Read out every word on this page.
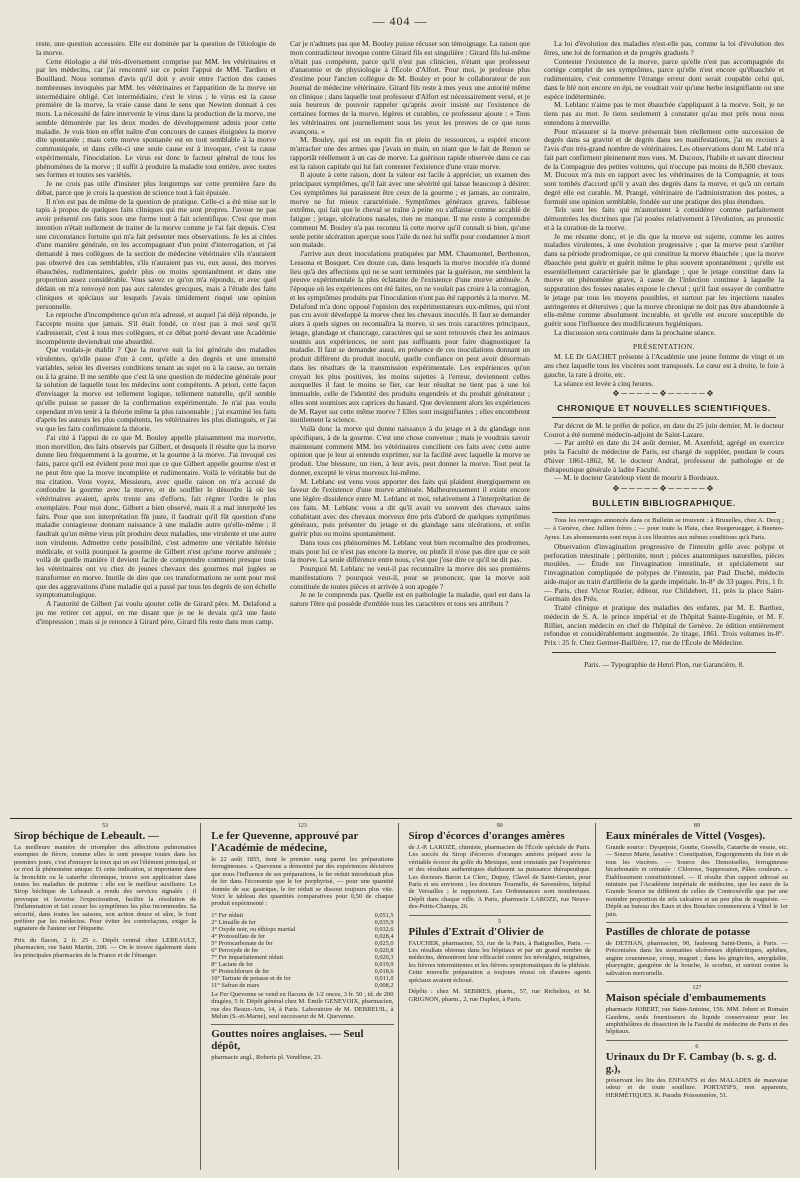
— 404 —

reste, une question accessoire. Elle est dominée par la question de l'étiologie de la morve.

Cette étiologie a été très-diversement comprise par MM. les vétérinaires et par les médecins, car j'ai rencontré sur ce point l'appui de MM. Tardieu et Bouillaud. Nous sommes d'avis qu'il doit y avoir entre l'action des causes nombreuses invoquées par MM. les vétérinaires et l'apparition de la morve un intermédiaire obligé. Cet intermédiaire, c'est le virus ; le virus est la cause première de la morve, la vraie cause dans le sens que Newton donnait à ces mots. La nécessité de faire intervenir le virus dans la production de la morve, me semble démontrée par les deux modes de développement admis pour cette maladie. Je vois bien en effet naître d'un concours de causes éloignées la morve dite spontanée ; mais cette morve spontanée est en tout semblable à la morve communiquée, et dans celle-ci une seule cause est à invoquer, c'est la cause expérimentale, l'inoculation. Le virus est donc le facteur général de tous les phénomènes de la morve ; il suffit à produire la maladie tout entière, avec toutes ses formes et toutes ses variétés.

Je ne crois pas utile d'insister plus longtemps sur cette première face du débat, parce que je crois la question de science tout à fait épuisée.

Il n'en est pas de même de la question de pratique. Celle-ci a été mise sur le tapis à propos de quelques faits cliniques qui me sont propres. J'avoue ne pas avoir présenté ces faits sous une forme tout à fait scientifique. C'est que mon intention n'était nullement de traiter de la morve comme je l'ai fait depuis. C'est une circonstance fortuite qui m'a fait présenter mes observations. Je les ai citées d'une manière générale, en les accompagnant d'un point d'interrogation, et j'ai demandé à mes collègues de la section de médecine vétérinaire s'ils n'auraient pas observé des cas semblables, s'ils n'auraient pas vu, eux aussi, des morves ébauchées, rudimentaires, guérir plus ou moins spontanément et dans une proportion assez considérable. Vous savez ce qu'on m'a répondu, et avec quel dédain on m'a renvoyé non pas aux calendes grecques, mais à l'étude des faits cliniques et spéciaux sur lesquels j'avais timidement risqué une opinion personnelle.

Le reproche d'incompétence qu'on m'a adressé, et auquel j'ai déjà répondu, je l'accepte moins que jamais. S'il était fondé, ce n'est pas à moi seul qu'il s'adresserait, c'est à tous mes collègues, et ce débat porté devant une Académie incompétente deviendrait une absurdité.

Que voulais-je établir ? Que la morve suit la loi générale des maladies virulentes, qu'elle passe d'un à cent, qu'elle a des degrés et une intensité variables, selon les diverses conditions tenant au sujet ou à la cause, au terrain ou à la graine. Il me semble que c'est là une question de médecine générale pour la solution de laquelle tous les médecins sont compétents. A priori, cette façon d'envisager la morve est tellement logique, tellement naturelle, qu'il semble qu'elle puisse se passer de la confirmation expérimentale. Je n'ai pas voulu cependant m'en tenir à la théorie même la plus raisonnable ; j'ai examiné les faits d'après les auteurs les plus compétents, les vétérinaires les plus distingués, et j'ai vu que les faits confirmaient la théorie.

J'ai cité à l'appui de ce que M. Bouley appelle plaisamment ma morvette, mon morvillon, des faits observés par Gilbert, et desquels il résulte que la morve donne lieu fréquemment à la gourme, et la gourme à la morve. J'ai invoqué ces faits, parce qu'il est évident pour moi que ce que Gilbert appelle gourme n'est et ne peut être que la morve incomplète et rudimentaire. Voilà le véritable but de ma citation. Vous voyez, Messieurs, avec quelle raison on m'a accusé de confondre la gourme avec la morve, et de souffler le désordre là où les vétérinaires avaient, après trente ans d'efforts, fait régner l'ordre le plus exemplaire. Pour moi donc, Gilbert a bien observé, mais il a mal interprété les faits. Pour que son interprétation fût juste, il faudrait qu'il fût question d'une maladie contagieuse donnant naissance à une maladie autre qu'elle-même ; il faudrait qu'un même virus pût produire deux maladies, une virulente et une autre non virulente. Admettre cette possibilité, c'est admettre une véritable hérésie médicale, et voilà pourquoi la gourme de Gilbert n'est qu'une morve atténuée ; voilà de quelle manière il devient facile de comprendre comment presque tous les vétérinaires ont vu chez de jeunes chevaux des gourmes mal jugées se transformer en morve. Inutile de dire que ces transformations ne sont pour moi que des aggravations d'une maladie qui a passé par tous les degrés de son échelle symptomatologique.

A l'autorité de Gilbert j'ai voulu ajouter celle de Girard père. M. Delafond a pu me retirer cet appui, en me disant que je ne le devais qu'à une faute d'impression ; mais si je renonce à Girard père, Girard fils reste dans mon camp.

Car je n'admets pas que M. Bouley puisse récuser son témoignage. La raison que mon contradicteur invoque contre Girard fils est singulière : Girard fils lui-même n'était pas compétent, parce qu'il n'est pas clinicien, n'étant que professeur d'anatomie et de physiologie à l'École d'Alfort. Pour moi, je professe plus d'estime pour l'ancien collègue de M. Bouley et pour le collaborateur de son Journal de médecine vétérinaire. Girard fils reste à mes yeux une autorité même en clinique ; dans laquelle tout professeur d'Alfort est nécessairement versé, et je suis heureux de pouvoir rappeler qu'après avoir insisté sur l'existence de certaines formes de la morve, légères et curables, ce professeur ajoute : « Tous les vétérinaires ont journellement sous les yeux les preuves de ce que nous avançons. »

M. Bouley, qui est un esprit fin et plein de ressources, a espéré encore m'arracher une des armes que j'avais en main, en niant que le fait de Renon se rapportât réellement à un cas de morve. La guérison rapide observée dans ce cas est la raison capitale qui lui fait contester l'existence d'une vraie morve.

Il ajoute à cette raison, dont la valeur est facile à apprécier, un examen des principaux symptômes, qu'il fait avec une sévérité qui laisse beaucoup à désirer. Ces symptômes lui paraissent être ceux de la gourme ; et jamais, au contraire, morve ne fut mieux caractérisée. Symptômes généraux graves, faiblesse extrême, qui fait que le cheval se traîne à peine ou s'affaisse comme accablé de fatigue ; jetage, ulcérations nasales, rien ne manque. Il me reste à comprendre comment M. Bouley n'a pas reconnu là cette morve qu'il connaît si bien, qu'une seule petite ulcération aperçue sous l'aile du nez lui suffit pour condamner à mort son malade.

J'arrive aux deux inoculations pratiquées par MM. Chaumontel, Berthonon, Lessona et Bosquet. Ces douze cas, dans lesquels la morve inoculée n'a donné lieu qu'à des affections qui ne se sont terminées par la guérison, me semblent la preuve expérimentale la plus éclatante de l'existence d'une morve atténuée. A l'époque où les expériences ont été faites, on ne voulait pas croire à la contagion, et les symptômes produits par l'inoculation n'ont pas été rapportés à la morve. M. Delafond m'a donc opposé l'opinion des expérimentateurs eux-mêmes, qui n'ont pas cru avoir développé la morve chez les chevaux inoculés. Il faut se demander alors à quels signes on reconnaîtra la morve, si ses trois caractères principaux, jetage, glandage et chancrage, caractères qui se sont retrouvés chez les animaux soumis aux expériences, ne sont pas suffisants pour faire diagnostiquer la maladie. Il faut se demander aussi, en présence de ces inoculations donnant un produit différent du produit inoculé, quelle confiance on peut avoir désormais dans les résultats de la transmission expérimentale. Les expériences qu'on croyait les plus positives, les moins sujettes à l'erreur, deviennent celles auxquelles il faut le moins se fier, car leur résultat ne tient pas à une loi immuable, celle de l'identité des produits engendrés et du produit générateur ; elles sont soumises aux caprices du hasard. Que deviennent alors les expériences de M. Rayer sur cette même morve ? Elles sont insignifiantes ; elles encombrent inutilement la science.

Voilà donc la morve qui donne naissance à du jetage et à du glandage non spécifiques, à de la gourme. C'est une chose convenue ; mais je voudrais savoir maintenant comment MM. les vétérinaires concilient ces faits avec cette autre opinion que je leur ai entendu exprimer, sur la facilité avec laquelle la morve se produit. Une blessure, un rien, à leur avis, peut donner la morve. Tout peut la donner, excepté le virus morveux lui-même.

M. Leblanc est venu vous apporter des faits qui plaident énergiquement en faveur de l'existence d'une morve atténuée. Malheureusement il existe encore une légère dissidence entre M. Leblanc et moi, relativement à l'interprétation de ces faits. M. Leblanc vous a dit qu'il avait vu souvent des chevaux sains cohabitant avec des chevaux morveux être pris d'abord de quelques symptômes généraux, puis présenter du jetage et du glandage sans ulcérations, et enfin guérir plus ou moins spontanément.

Dans tous ces phénomènes M. Leblanc veut bien reconnaître des prodromes, mais pour lui ce n'est pas encore la morve, ou plutôt il n'ose pas dire que ce soit la morve. La seule différence entre nous, c'est que j'ose dire ce qu'il ne dit pas.

Pourquoi M. Leblanc ne veut-il pas reconnaître la morve dès ses premières manifestations ? pourquoi veut-il, pour se prononcer, que la morve soit constituée de toutes pièces et arrivée à son apogée ?

Je ne le comprends pas. Quelle est en pathologie la maladie, quel est dans la nature l'être qui possède d'emblée tous les caractères et tous ses attributs ?

La loi d'évolution des maladies n'est-elle pas, comme la loi d'évolution des êtres, une loi de formation et de progrès graduels ?

Contester l'existence de la morve, parce qu'elle n'est pas accompagnée du cortège complet de ses symptômes, parce qu'elle n'est encore qu'ébauchée et rudimentaire, c'est commettre l'étrange erreur dont serait coupable celui qui, dans le blé non encore en épi, ne voudrait voir qu'une herbe insignifiante ou une espèce indéterminée.

M. Leblanc n'aime pas le mot ébauchée s'appliquant à la morve. Soit, je ne tiens pas au mot. Je tiens seulement à constater qu'au mot près nous nous entendons à merveille.

Pour m'assurer si la morve présentait bien réellement cette succession de degrés dans sa gravité et de degrés dans ses manifestations, j'ai eu recours à l'avis d'un très-grand nombre de vétérinaires. Les observations dont M. Labé m'a fait part confirment pleinement mes vues. M. Ducoux, l'habile et savant directeur de la Compagnie des petites voitures, qui n'occupe pas moins de 8,500 chevaux. M. Ducoux m'a mis en rapport avec les vétérinaires de la Compagnie, et tous sont tombés d'accord qu'il y avait des degrés dans la morve, et qu'à un certain degré elle est curable. M. Prangé, vétérinaire de l'administration des postes, a formulé une opinion semblable, fondée sur une pratique des plus étendues.

Tels sont les faits qui m'autorisent à considérer comme parfaitement démontrées les doctrines que j'ai posées relativement à l'évolution, au pronostic et à la curation de la morve.

Je me résume donc, et je dis que la morve est sujette, comme les autres maladies virulentes, à une évolution progressive ; que la morve peut s'arrêter dans sa période prodromique, ce qui constitue la morve ébauchée ; que la morve ébauchée peut guérir et guérit même le plus souvent spontanément ; qu'elle est essentiellement caractérisée par le glandage ; que le jetage constitue dans la morve un phénomène grave, à cause de l'infection continue à laquelle la suppuration des fosses nasales expose le cheval ; qu'il faut essayer de combattre le jetage par tous les moyens possibles, et surtout par les injections nasales astringentes et détersives ; que la morve chronique ne doit pas être abandonnée à elle-même comme absolument incurable, et qu'elle est encore susceptible de guérir sous l'influence des modificateurs hygiéniques.

La discussion sera continuée dans la prochaine séance.

PRÉSENTATION.

M. LE Dr GACHET présente à l'Académie une jeune femme de vingt et un ans chez laquelle tous les viscères sont transposés. Le cœur est à droite, le foie à gauche, la rate à droite, etc.

La séance est levée à cinq heures.

✥─────✥─────✥
CHRONIQUE ET NOUVELLES SCIENTIFIQUES.

Par décret de M. le préfet de police, en date du 25 juin dernier, M. le docteur Courot a été nommé médecin-adjoint de Saint-Lazare.

— Par arrêté en date du 24 août dernier, M. Axenfeld, agrégé en exercice près la Faculté de médecine de Paris, est chargé de suppléer, pendant le cours d'hiver 1861-1862, M. le docteur Andral, professeur de pathologie et de thérapeutique générale à ladite Faculté.

— M. le docteur Grateloup vient de mourir à Bordeaux.

✥─────✥─────✥
BULLETIN BIBLIOGRAPHIQUE.

Tous les ouvrages annoncés dans ce Bulletin se trouvent : à Bruxelles, chez A. Decq ; — à Genève, chez Jullien frères ; — pour toute la Plata, chez Ruegeruegger, à Buenos-Ayres. Les abonnements sont reçus à ces librairies aux mêmes conditions qu'à Paris.

Observation d'invagination progressive de l'intestin grêle avec polype et perforation intestinale ; péritonite, mort ; pièces anatomiques naturelles, pièces moulées. — Étude sur l'invagination intestinale, et spécialement sur l'invagination compliquée de polypes de l'intestin, par Paul Duchè, médecin aide-major au train d'artillerie de la garde impériale. In-8° de 33 pages. Prix, 1 fr. — Paris, chez Victor Rozier, éditeur, rue Childebert, 11, près la place Saint-Germain des Prés.

Traité clinique et pratique des maladies des enfants, par M. E. Barthez, médecin de S. A. le prince impérial et de l'hôpital Sainte-Eugénie, et M. F. Rilliet, ancien médecin en chef de l'hôpital de Genève. 2e édition entièrement refondue et considérablement augmentée. 2e tirage, 1861. Trois volumes in-8°. Prix : 25 fr. Chez Germer-Baillière, 17, rue de l'École de Médecine.

Paris. — Typographie de Henri Plon, rue Garancière, 8.
53
Sirop béchique de Lebeault. —
La meilleure manière de triompher des affections pulmonaires exemptes de fièvre, comme elles le sont presque toutes dans les premiers jours, c'est d'enrayer la toux qui en est l'élément principal, et ce n'est là phénomène unique. Et cette indication, si importante dans la bronchite ou le catarrhe chronique, trouve son application dans toutes les maladies de poitrine : elle est le meilleur auxiliaire. Le Sirop béchique de Lebeault a rendu des services signalés : il provoque et favorise l'expectoration, facilite la résolution de l'inflammation et fait cesser les symptômes les plus incommodes. Sa sécurité, dans toutes les saisons, son action douce et sûre, le font préférer par les médecins. Pour éviter les contrefaçons, exiger la signature de l'auteur sur l'étiquette.
Prix du flacon, 2 fr. 25 c. Dépôt central chez LEBEAULT, pharmacien, rue Saint Martin, 200. — On le trouve également dans les principales pharmacies de la France et de l'étranger.
123
Le fer Quevenne, approuvé par l'Académie de médecine,
le 22 août 1855, tient le premier rang parmi les préparations ferrugineuses. « Quevenne a démontré par des expériences décisives que nous l'influence de ses préparations, le fer réduit introduisait plus de fer dans l'économie que le fer porphyrisé, — pour une quantité donnée de suc gastrique, le fer réduit se dissout toujours plus vite. Voici le tableau des quantités comparatives pour 0,50 de chaque produit expérimenté :
1° Fer réduit	0,051,5
2° Limaille de fer	0,035,9
3° Oxyde noir, ou éthiops martial	0,032,6
4° Protosulfate de fer	0,028,4
5° Protocarbonate de fer	0,025,0
6° Peroxyde de fer	0,020,8
7° Fer imparfaitement réduit	0,020,3
8° Lactate de fer	0,019,9
9° Protochlorure de fer	0,018,6
10° Tartrate de potasse et de fer	0,011,0
11° Safran de mars	0,008,2
Le Fer Quevenne se vend en flacons de 1/2 onces, 3 fr. 50 ; id. de 200 dragées, 5 fr. Dépôt général chez M. Émile GENEVOIX, pharmacien, rue des Beaux-Arts, 14, à Paris. Laboratoire de M. DEBREUIL, à Melun (S.-et-Marne), seul successeur de M. Quevenne.
Gouttes noires anglaises. — Seul dépôt,
pharmacie angl., Roberts pl. Vendôme, 23.
90
Sirop d'écorces d'oranges amères
de J.-P. LAROZE, chimiste, pharmacien de l'École spéciale de Paris. Les succès du Sirop d'écorces d'oranges amères préparé avec la véritable écorce du golfe du Mexique, sont constatés par l'expérience et des résultats authentiques établissent sa puissance thérapeutique. Les docteurs Baron Le Clerc, Dupuy, Clavel de Saint-Genies, pour Paris et ses environs ; les docteurs Tournelle, de Savenières, hôpital de Versailles ; le rapportent. Les Ordonnances sont nombreuses. Dépôt dans chaque ville. A Paris, pharmacie LAROZE, rue Neuve-des-Petits-Champs, 26.
5
Pilules d'Extrait d'Olivier de
FAUCHER, pharmacien, 53, rue de la Paix, à Batignolles, Paris. — Les résultats obtenus dans les hôpitaux et par un grand nombre de médecins, démontrent leur efficacité contre les névralgies, migraines, les fièvres intermittentes et les fièvres symptomatiques de la phthisie. Cette nouvelle préparation a toujours réussi où d'autres agents spéciaux avaient échoué.
Dépôts : chez M. SEBIRES, pharm., 57, rue Richelieu, et M. GRIGNON, pharm., 2, rue Duphot, à Paris.
89
Eaux minérales de Vittel (Vosges).
Grande source : Dyspepsie, Goutte, Gravelle, Catarrhe de vessie, etc. — Source Marie, laxative : Constipation, Engorgements du foie et de tous les viscères. — Source des Demoiselles, ferrugineuse bicarbonatée et crénatée : Chlorose, Suppression, Pâles couleurs. » Établissement constitutionnel. — Il résulte d'un rapport adressé au ministre par l'Académie impériale de médecine, que les eaux de la Grande Source ne diffèrent de celles de Contrexéville que par une moindre proportion de sels calcaires et un peu plus de magnésie. — Dépôt au bureau des Eaux et des Bouches commencera à Vittel le 1er juin.
Pastilles de chlorate de potasse
de DETHAN, pharmacien, 90, faubourg Saint-Denis, à Paris. — Préconisées dans les stomatites ulcéreuses diphtéritiques, aphthes, angine couenneuse, croup, muguet ; dans les gingivites, amygdalite, pharyngite, gangrène de la bouche, le scorbut, et surtout contre la salivation mercurielle.
127
Maison spéciale d'embaumements
pharmacie JOBERT, rue Saint-Antoine, 156. MM. Jobert et Romain Gaudens, seuls fournisseurs du liquide conservateur pour les amphithéâtres de dissection de la Faculté de médecine de Paris et des hôpitaux.
6
Urinaux du Dr F. Cambay (b. s. g. d. g.),
préservant les lits des ENFANTS et des MALADES de mauvaise odeur et de toute souillure. PORTATIFS, non apparents, HERMÉTIQUES. R. Paradis Poissonnière, 51.
